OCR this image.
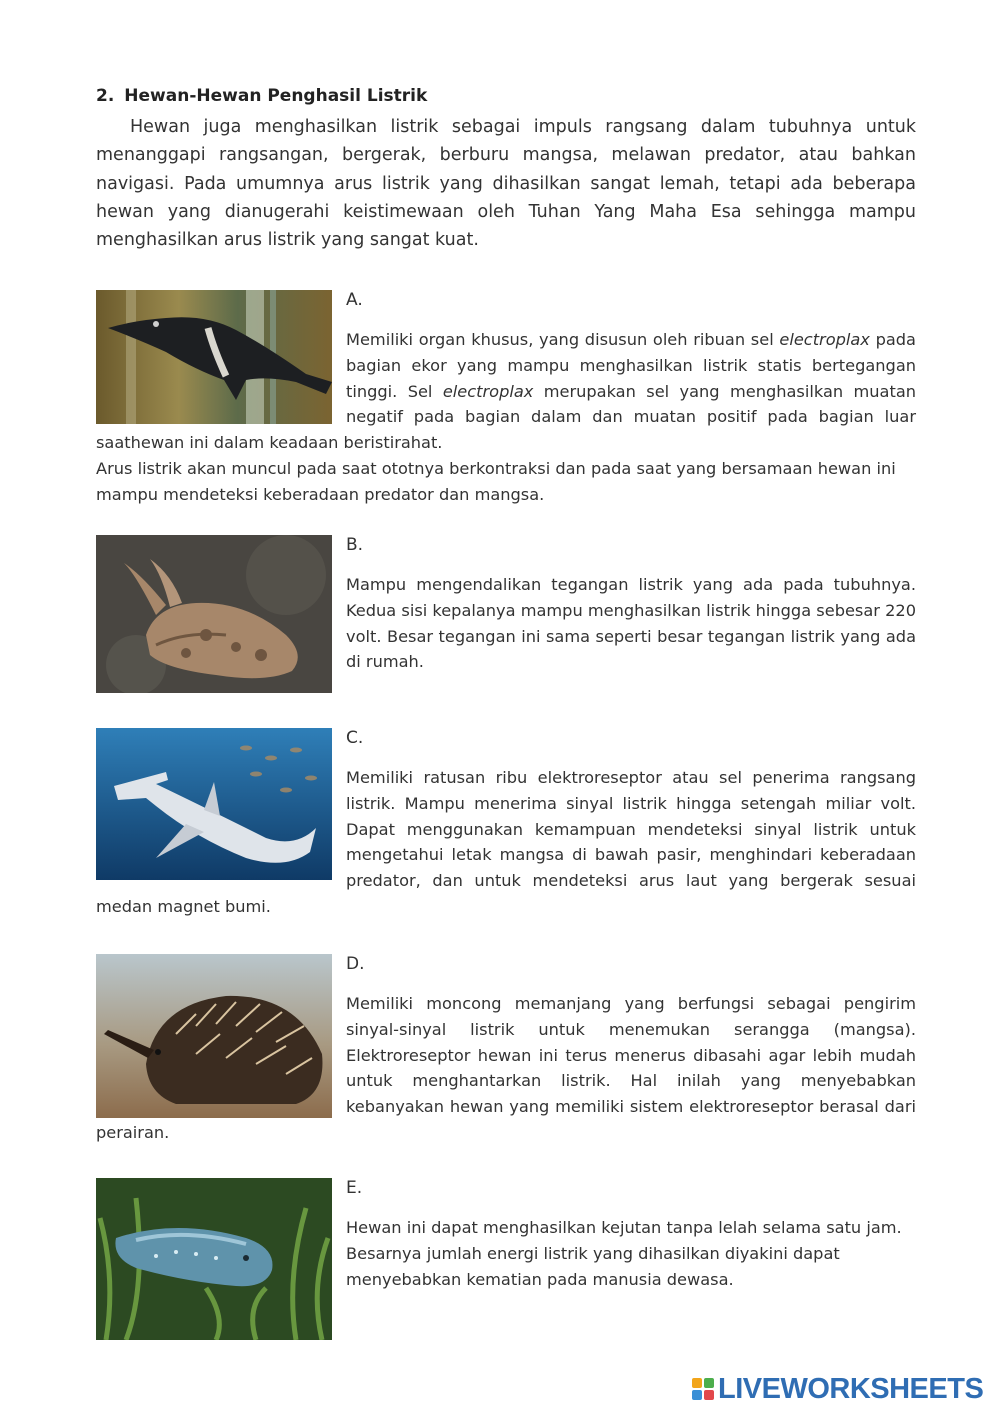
2. Hewan-Hewan Penghasil Listrik

Hewan juga menghasilkan listrik sebagai impuls rangsang dalam tubuhnya untuk menanggapi rangsangan, bergerak, berburu mangsa, melawan predator, atau bahkan navigasi. Pada umumnya arus listrik yang dihasilkan sangat lemah, tetapi ada beberapa hewan yang dianugerahi keistimewaan oleh Tuhan Yang Maha Esa sehingga mampu menghasilkan arus listrik yang sangat kuat.

A.

Memiliki organ khusus, yang disusun oleh ribuan sel electroplax pada bagian ekor yang mampu menghasilkan listrik statis bertegangan tinggi. Sel electroplax merupakan sel yang menghasilkan muatan negatif pada bagian dalam dan muatan positif pada bagian luar saathewan ini dalam keadaan beristirahat.

Arus listrik akan muncul pada saat ototnya berkontraksi dan pada saat yang bersamaan hewan ini mampu mendeteksi keberadaan predator dan mangsa.

B.

Mampu mengendalikan tegangan listrik yang ada pada tubuhnya. Kedua sisi kepalanya mampu menghasilkan listrik hingga sebesar 220 volt. Besar tegangan ini sama seperti besar tegangan listrik yang ada di rumah.

C.

Memiliki ratusan ribu elektroreseptor atau sel penerima rangsang listrik. Mampu menerima sinyal listrik hingga setengah miliar volt. Dapat menggunakan kemampuan mendeteksi sinyal listrik untuk mengetahui letak mangsa di bawah pasir, menghindari keberadaan predator, dan untuk mendeteksi arus laut yang bergerak sesuai medan magnet bumi.

D.

Memiliki moncong memanjang yang berfungsi sebagai pengirim sinyal-sinyal listrik untuk menemukan serangga (mangsa). Elektroreseptor hewan ini terus menerus dibasahi agar lebih mudah untuk menghantarkan listrik. Hal inilah yang menyebabkan kebanyakan hewan yang memiliki sistem elektroreseptor berasal dari perairan.

E.

Hewan ini dapat menghasilkan kejutan tanpa lelah selama satu jam. Besarnya jumlah energi listrik yang dihasilkan diyakini dapat menyebabkan kematian pada manusia dewasa.

LIVEWORKSHEETS
